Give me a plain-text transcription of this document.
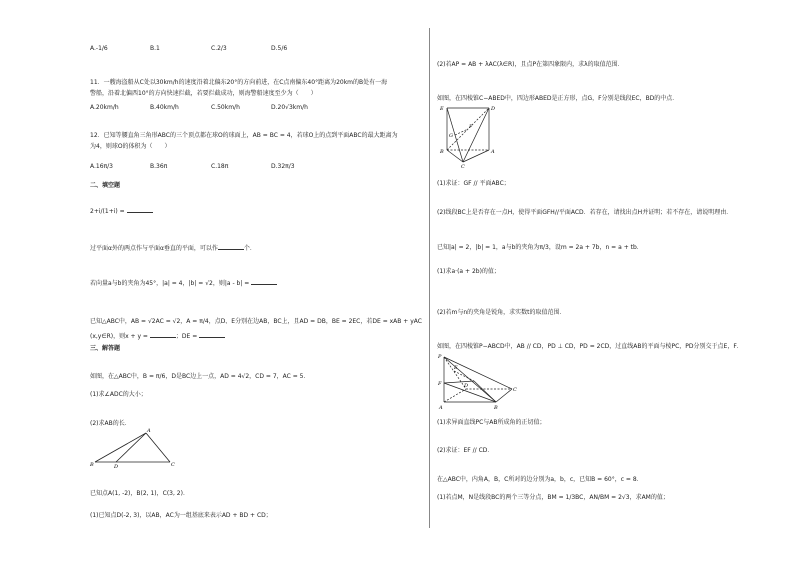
A.-1/6	B.1	C.2/3	D.5/6
11．一艘海盗船从C处以30km/h的速度沿着北偏东20°的方向前进，在C点南偏东40°距离为20km的B处有一海
警船，沿着北偏西10°的方向快速拦截，若要拦截成功，则海警船速度至少为（　　）
A.20km/h	B.40km/h	C.50km/h	D.20√3km/h
12．已知等腰直角三角形ABC的三个顶点都在球O的球面上，AB = BC = 4，若球O上的点到平面ABC的最大距离为
为4，则球O的体积为（　　）
A.16π/3	B.36π	C.18π	D.32π/3
二、填空题
2+i/(1+i) =
过平面α外的两点作与平面α垂直的平面，可以作	个．
若向量a与b的夹角为45°，|a| = 4，|b| = √2，则|a - b| =
已知△ABC中，AB = √2AC = √2，A = π/4，点D、E分别在边AB，BC上，且AD = DB，BE = 2EC，若DE = xAB + yAC
(x,y∈R)，则x + y =	；DE =
三、解答题
如图，在△ABC中，B = π/6，D是BC边上一点，AD = 4√2，CD = 7，AC = 5．
(1)求∠ADC的大小；
(2)求AB的长．
A
B	D	C
已知点A(1, -2)，B(2, 1)，C(3, 2)．
(1)已知点D(-2, 3)，以AB，AC为一组基底来表示AD + BD + CD；
(2)若AP = AB + λAC(λ∈R)，且点P在第四象限内，求λ的取值范围．
如图，在四棱锥C−ABED中，四边形ABED是正方形，点G，F分别是线段EC，BD的中点．
E	D
G
F
B
C
A
(1)求证：GF // 平面ABC；
(2)线段BC上是否存在一点H，使得平面GFH//平面ACD．若存在，请找出点H并证明；若不存在，请说明理由．
已知|a| = 2，|b| = 1，a与b的夹角为π/3，设m = 2a + 7b，n = a + tb．
(1)求a·(a + 2b)的值；
(2)若m与n的夹角是锐角，求实数t的取值范围．
如图，在四棱锥P−ABCD中，AB // CD，PD ⊥ CD，PD = 2CD，过直线AB的平面与棱PC，PD分别交于点E，F．
P
E
F
A
D
C
B
(1)求异面直线PC与AB所成角的正切值；
(2)求证：EF // CD．
在△ABC中，内角A，B，C所对的边分别为a，b，c，已知B = 60°，c = 8．
(1)若点M，N是线段BC的两个三等分点，BM = 1/3BC，AN/BM = 2√3，求AM的值；
